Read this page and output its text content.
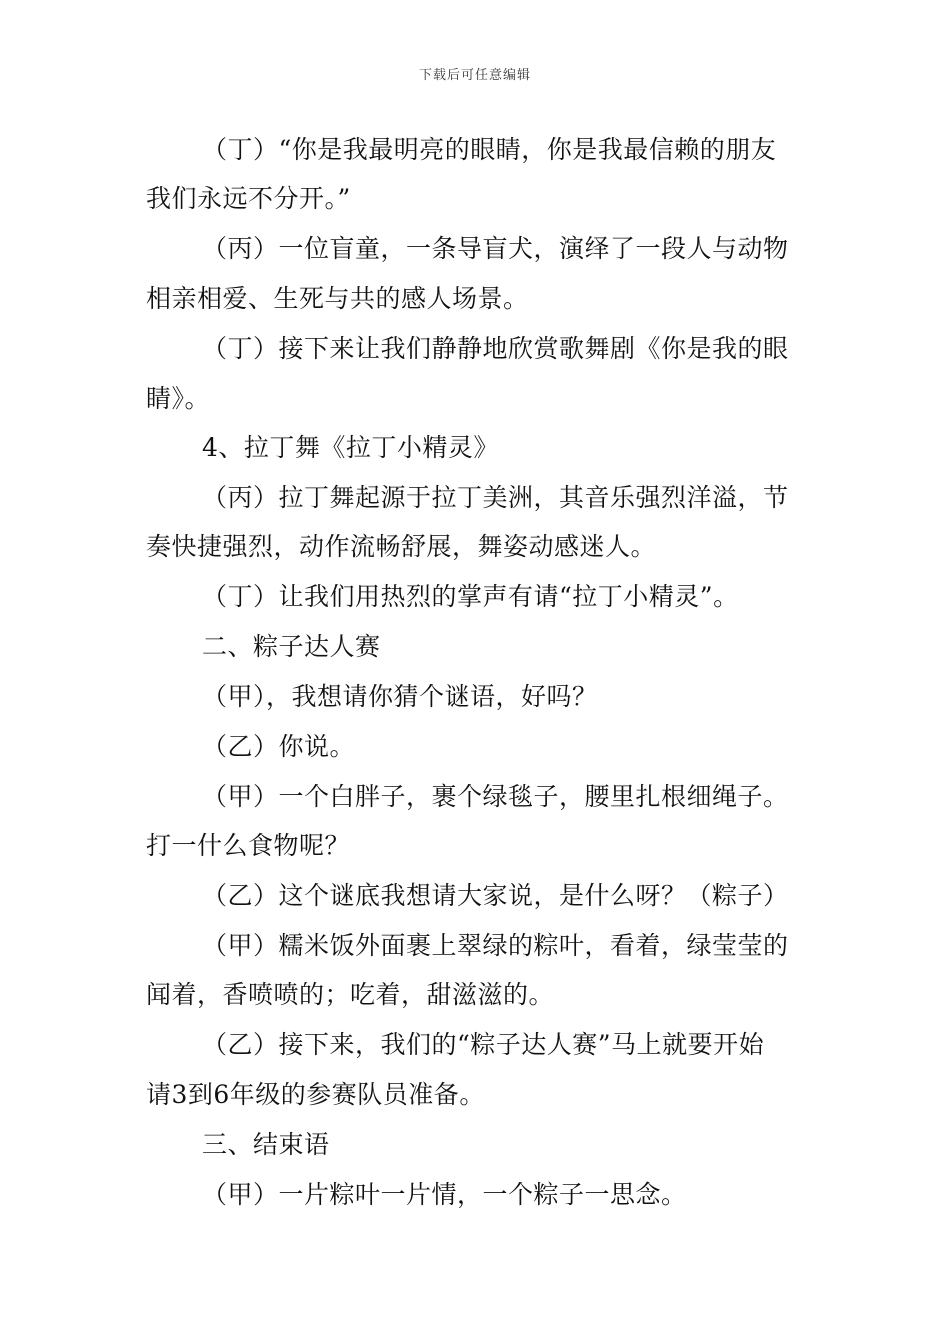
下载后可任意编辑
（丁）“你是我最明亮的眼睛，你是我最信赖的朋友
我们永远不分开。”
（丙）一位盲童，一条导盲犬，演绎了一段人与动物
相亲相爱、生死与共的感人场景。
（丁）接下来让我们静静地欣赏歌舞剧《你是我的眼
睛》。
4、拉丁舞《拉丁小精灵》
（丙）拉丁舞起源于拉丁美洲，其音乐强烈洋溢，节
奏快捷强烈，动作流畅舒展，舞姿动感迷人。
（丁）让我们用热烈的掌声有请“拉丁小精灵”。
二、粽子达人赛
（甲），我想请你猜个谜语，好吗？
（乙）你说。
（甲）一个白胖子，裹个绿毯子，腰里扎根细绳子。
打一什么食物呢？
（乙）这个谜底我想请大家说，是什么呀？（粽子）
（甲）糯米饭外面裹上翠绿的粽叶，看着，绿莹莹的
闻着，香喷喷的；吃着，甜滋滋的。
（乙）接下来，我们的“粽子达人赛”马上就要开始
请3到6年级的参赛队员准备。
三、结束语
（甲）一片粽叶一片情，一个粽子一思念。
